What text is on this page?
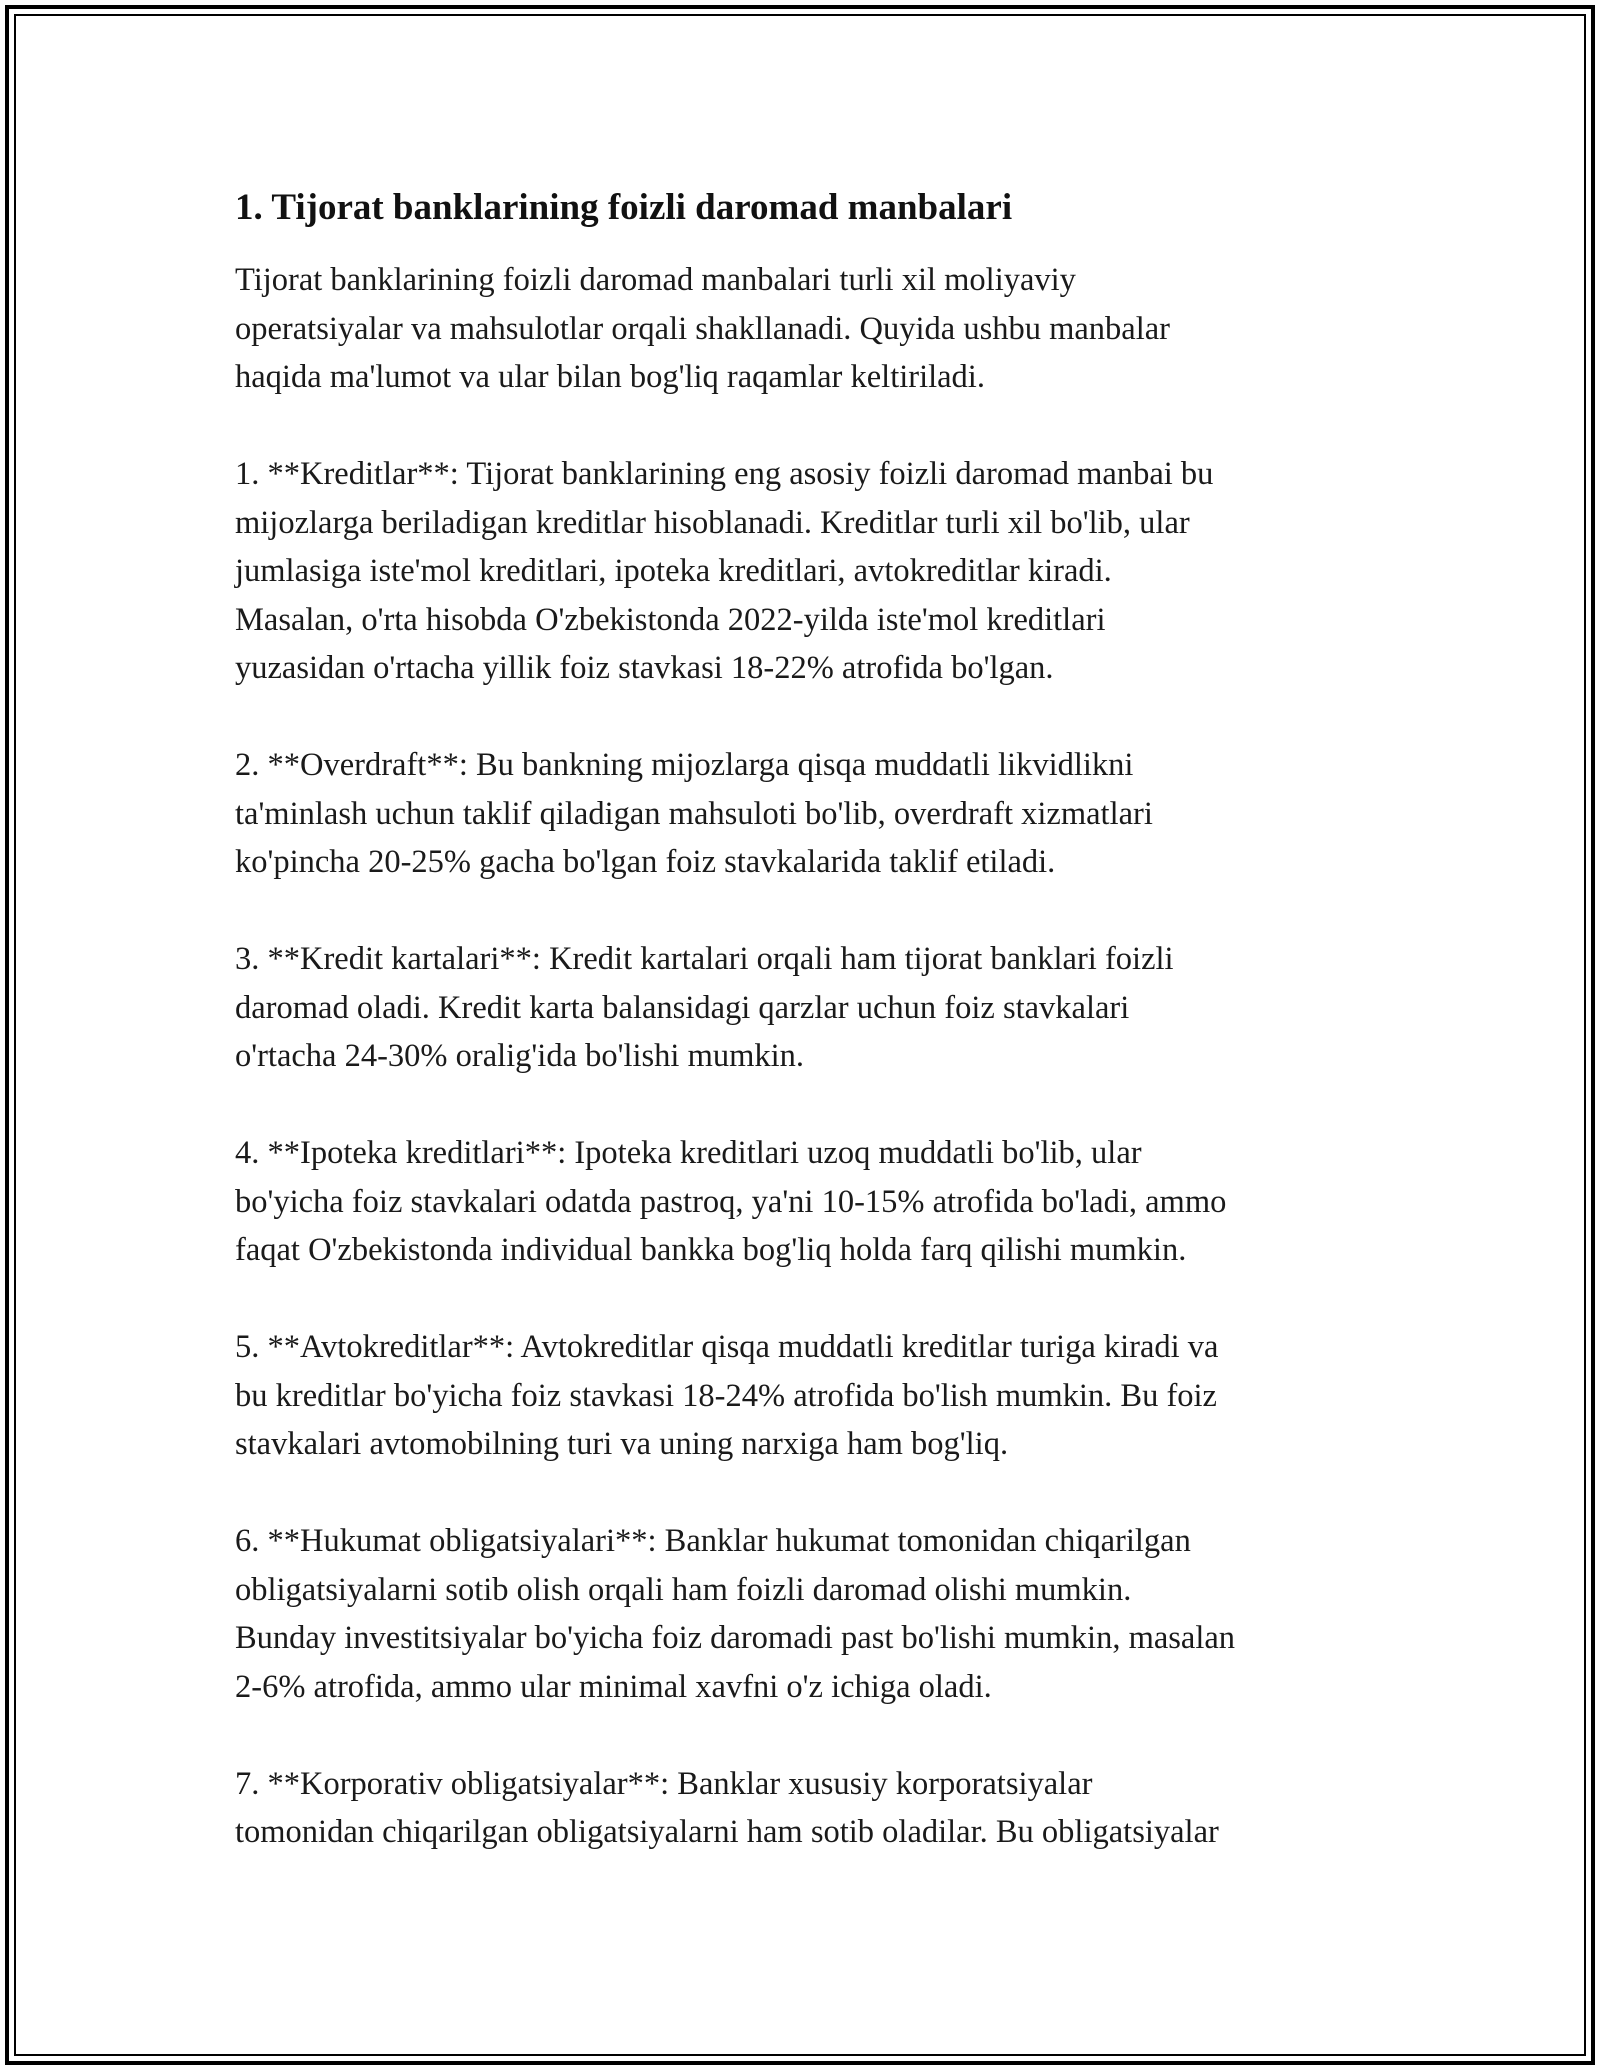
1. Tijorat banklarining foizli daromad manbalari

Tijorat banklarining foizli daromad manbalari turli xil moliyaviy
operatsiyalar va mahsulotlar orqali shakllanadi. Quyida ushbu manbalar
haqida ma'lumot va ular bilan bog'liq raqamlar keltiriladi.

1. **Kreditlar**: Tijorat banklarining eng asosiy foizli daromad manbai bu
mijozlarga beriladigan kreditlar hisoblanadi. Kreditlar turli xil bo'lib, ular
jumlasiga iste'mol kreditlari, ipoteka kreditlari, avtokreditlar kiradi.
Masalan, o'rta hisobda O'zbekistonda 2022-yilda iste'mol kreditlari
yuzasidan o'rtacha yillik foiz stavkasi 18-22% atrofida bo'lgan.

2. **Overdraft**: Bu bankning mijozlarga qisqa muddatli likvidlikni
ta'minlash uchun taklif qiladigan mahsuloti bo'lib, overdraft xizmatlari
ko'pincha 20-25% gacha bo'lgan foiz stavkalarida taklif etiladi.

3. **Kredit kartalari**: Kredit kartalari orqali ham tijorat banklari foizli
daromad oladi. Kredit karta balansidagi qarzlar uchun foiz stavkalari
o'rtacha 24-30% oralig'ida bo'lishi mumkin.

4. **Ipoteka kreditlari**: Ipoteka kreditlari uzoq muddatli bo'lib, ular
bo'yicha foiz stavkalari odatda pastroq, ya'ni 10-15% atrofida bo'ladi, ammo
faqat O'zbekistonda individual bankka bog'liq holda farq qilishi mumkin.

5. **Avtokreditlar**: Avtokreditlar qisqa muddatli kreditlar turiga kiradi va
bu kreditlar bo'yicha foiz stavkasi 18-24% atrofida bo'lish mumkin. Bu foiz
stavkalari avtomobilning turi va uning narxiga ham bog'liq.

6. **Hukumat obligatsiyalari**: Banklar hukumat tomonidan chiqarilgan
obligatsiyalarni sotib olish orqali ham foizli daromad olishi mumkin.
Bunday investitsiyalar bo'yicha foiz daromadi past bo'lishi mumkin, masalan
2-6% atrofida, ammo ular minimal xavfni o'z ichiga oladi.

7. **Korporativ obligatsiyalar**: Banklar xususiy korporatsiyalar
tomonidan chiqarilgan obligatsiyalarni ham sotib oladilar. Bu obligatsiyalar
